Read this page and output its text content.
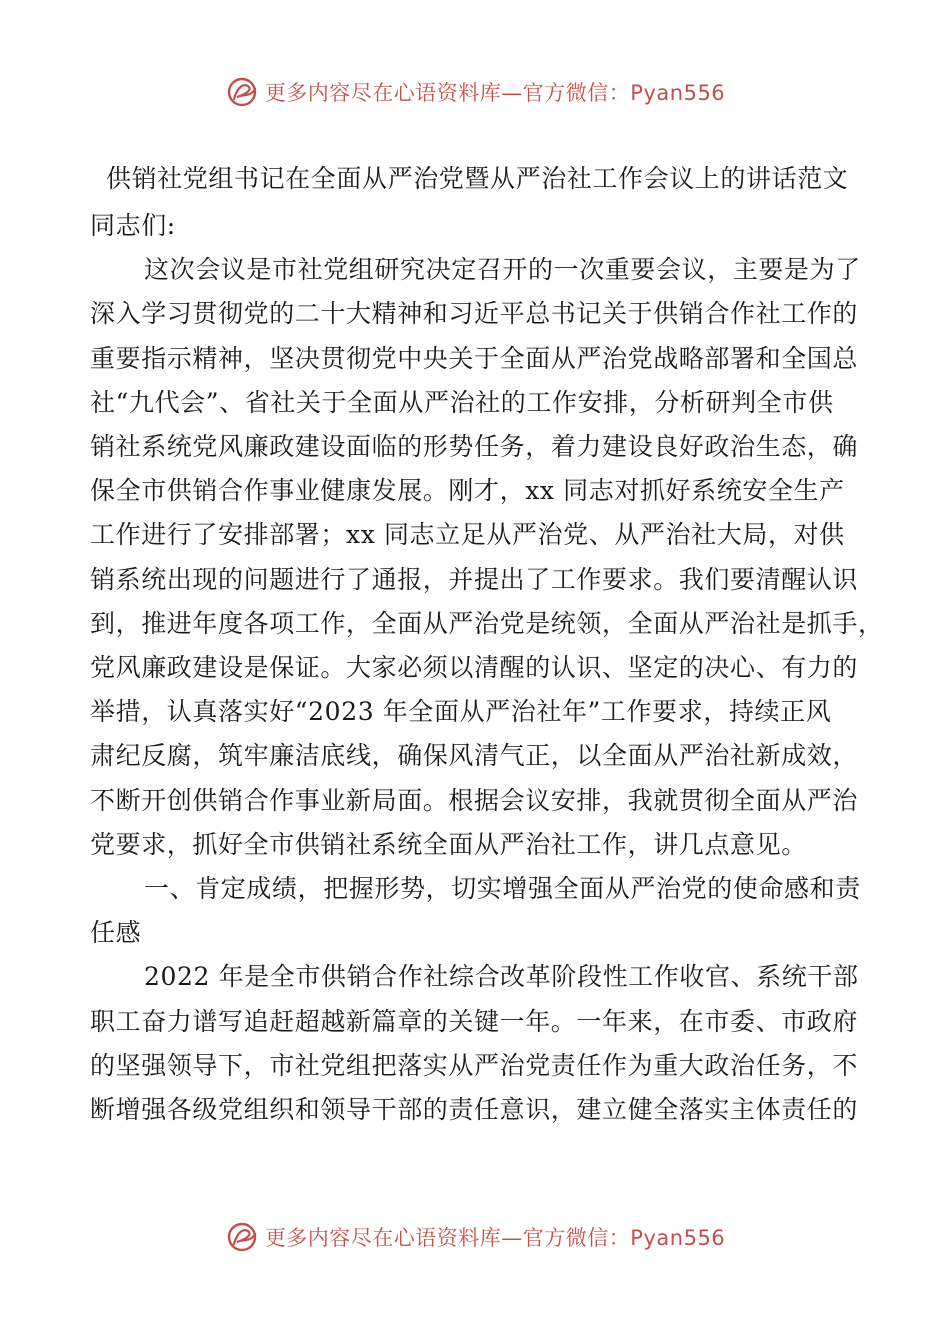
更多内容尽在心语资料库—官方微信：Pyan556

供销社党组书记在全面从严治党暨从严治社工作会议上的讲话范文

同志们:

这次会议是市社党组研究决定召开的一次重要会议，主要是为了

深入学习贯彻党的二十大精神和习近平总书记关于供销合作社工作的

重要指示精神，坚决贯彻党中央关于全面从严治党战略部署和全国总

社“九代会”、省社关于全面从严治社的工作安排，分析研判全市供

销社系统党风廉政建设面临的形势任务，着力建设良好政治生态，确

保全市供销合作事业健康发展。刚才，xx 同志对抓好系统安全生产

工作进行了安排部署；xx 同志立足从严治党、从严治社大局，对供

销系统出现的问题进行了通报，并提出了工作要求。我们要清醒认识

到，推进年度各项工作，全面从严治党是统领，全面从严治社是抓手，

党风廉政建设是保证。大家必须以清醒的认识、坚定的决心、有力的

举措，认真落实好“2023 年全面从严治社年”工作要求，持续正风

肃纪反腐，筑牢廉洁底线，确保风清气正，以全面从严治社新成效，

不断开创供销合作事业新局面。根据会议安排，我就贯彻全面从严治

党要求，抓好全市供销社系统全面从严治社工作，讲几点意见。

一、肯定成绩，把握形势，切实增强全面从严治党的使命感和责

任感

2022 年是全市供销合作社综合改革阶段性工作收官、系统干部

职工奋力谱写追赶超越新篇章的关键一年。一年来，在市委、市政府

的坚强领导下，市社党组把落实从严治党责任作为重大政治任务，不

断增强各级党组织和领导干部的责任意识，建立健全落实主体责任的

更多内容尽在心语资料库—官方微信：Pyan556
